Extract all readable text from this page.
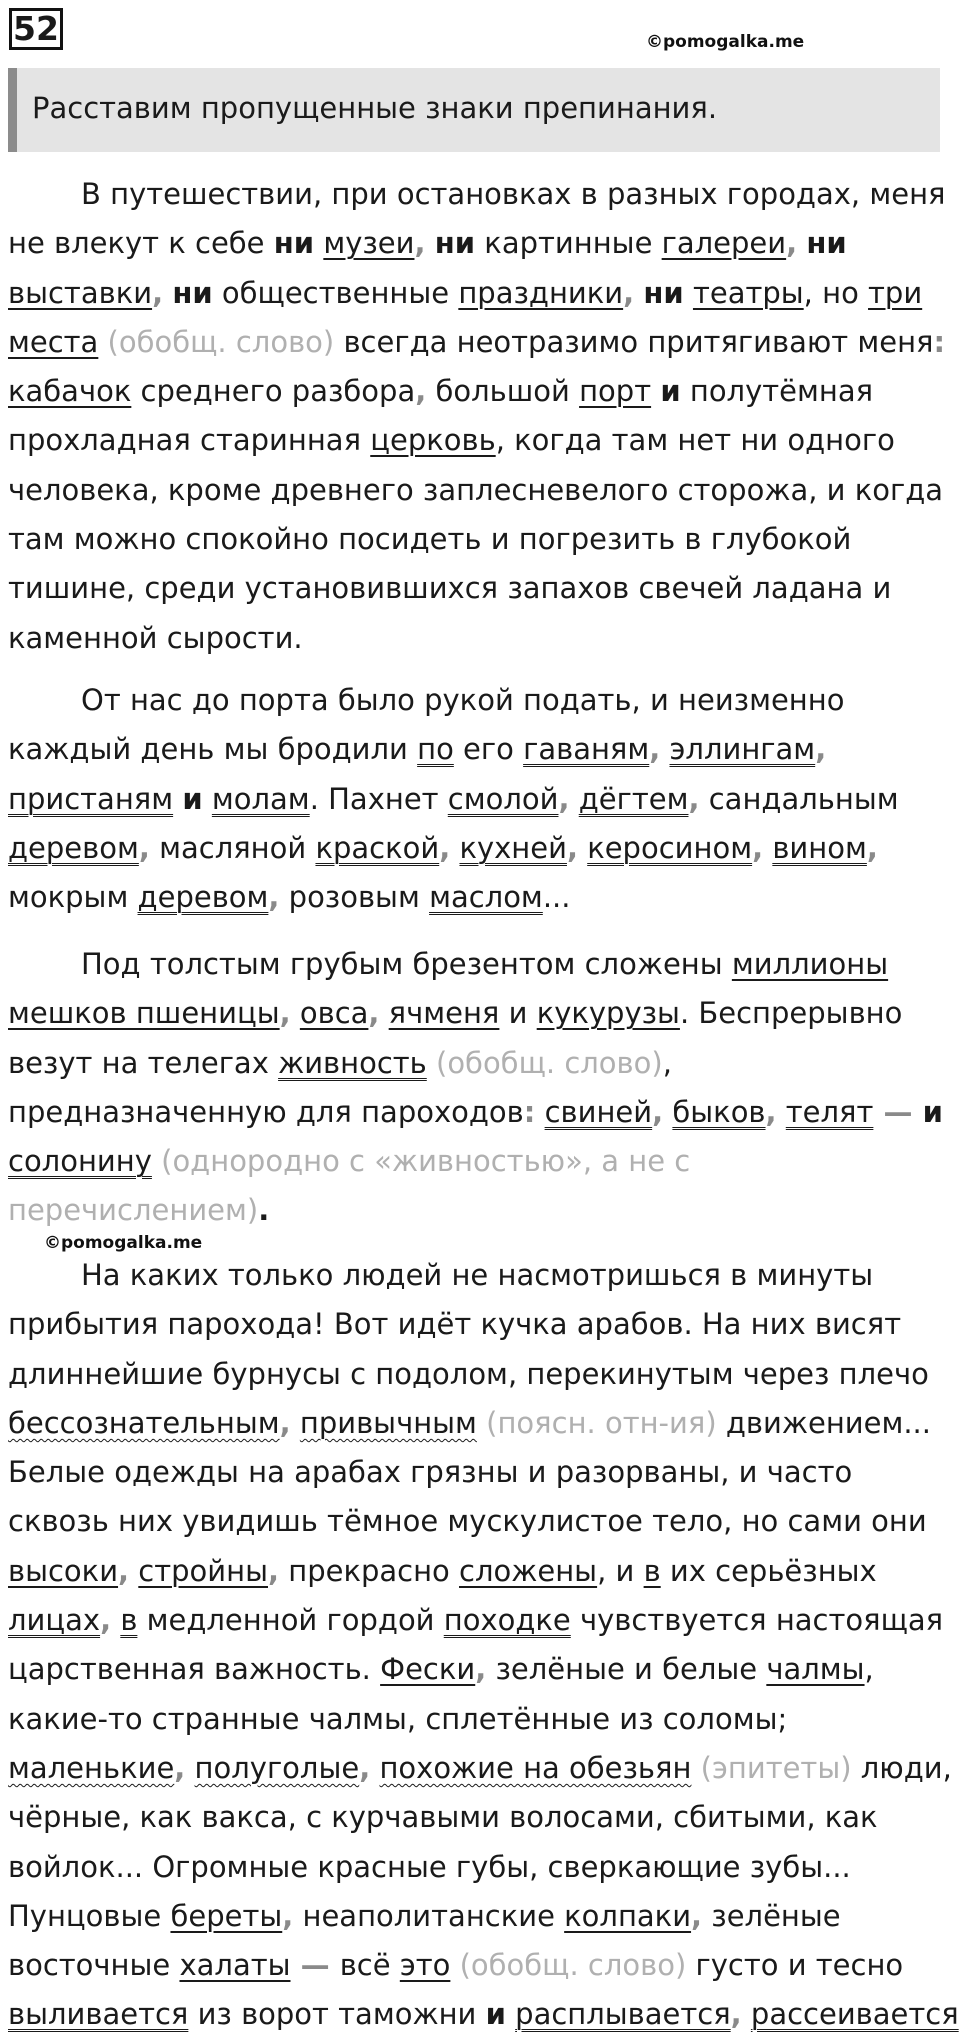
52	©pomogalka.me
Расставим пропущенные знаки препинания.
В путешествии, при остановках в разных городах, меня
не влекут к себе ни музеи, ни картинные галереи, ни
выставки, ни общественные праздники, ни театры, но три
места (обобщ. слово) всегда неотразимо притягивают меня:
кабачок среднего разбора, большой порт и полутёмная
прохладная старинная церковь, когда там нет ни одного
человека, кроме древнего заплесневелого сторожа, и когда
там можно спокойно посидеть и погрезить в глубокой
тишине, среди установившихся запахов свечей ладана и
каменной сырости.
От нас до порта было рукой подать, и неизменно
каждый день мы бродили по его гаваням, эллингам,
пристаням и молам. Пахнет смолой, дёгтем, сандальным
деревом, масляной краской, кухней, керосином, вином,
мокрым деревом, розовым маслом...
Под толстым грубым брезентом сложены миллионы
мешков пшеницы, овса, ячменя и кукурузы. Беспрерывно
везут на телегах живность (обобщ. слово),
предназначенную для пароходов: свиней, быков, телят — и
солонину (однородно с «живностью», а не с
перечислением).
©pomogalka.me
На каких только людей не насмотришься в минуты
прибытия парохода! Вот идёт кучка арабов. На них висят
длиннейшие бурнусы с подолом, перекинутым через плечо
бессознательным, привычным (поясн. отн-ия) движением...
Белые одежды на арабах грязны и разорваны, и часто
сквозь них увидишь тёмное мускулистое тело, но сами они
высоки, стройны, прекрасно сложены, и в их серьёзных
лицах, в медленной гордой походке чувствуется настоящая
царственная важность. Фески, зелёные и белые чалмы,
какие-то странные чалмы, сплетённые из соломы;
маленькие, полуголые, похожие на обезьян (эпитеты) люди,
чёрные, как вакса, с курчавыми волосами, сбитыми, как
войлок... Огромные красные губы, сверкающие зубы...
Пунцовые береты, неаполитанские колпаки, зелёные
восточные халаты — всё это (обобщ. слово) густо и тесно
выливается из ворот таможни и расплывается, рассеивается
